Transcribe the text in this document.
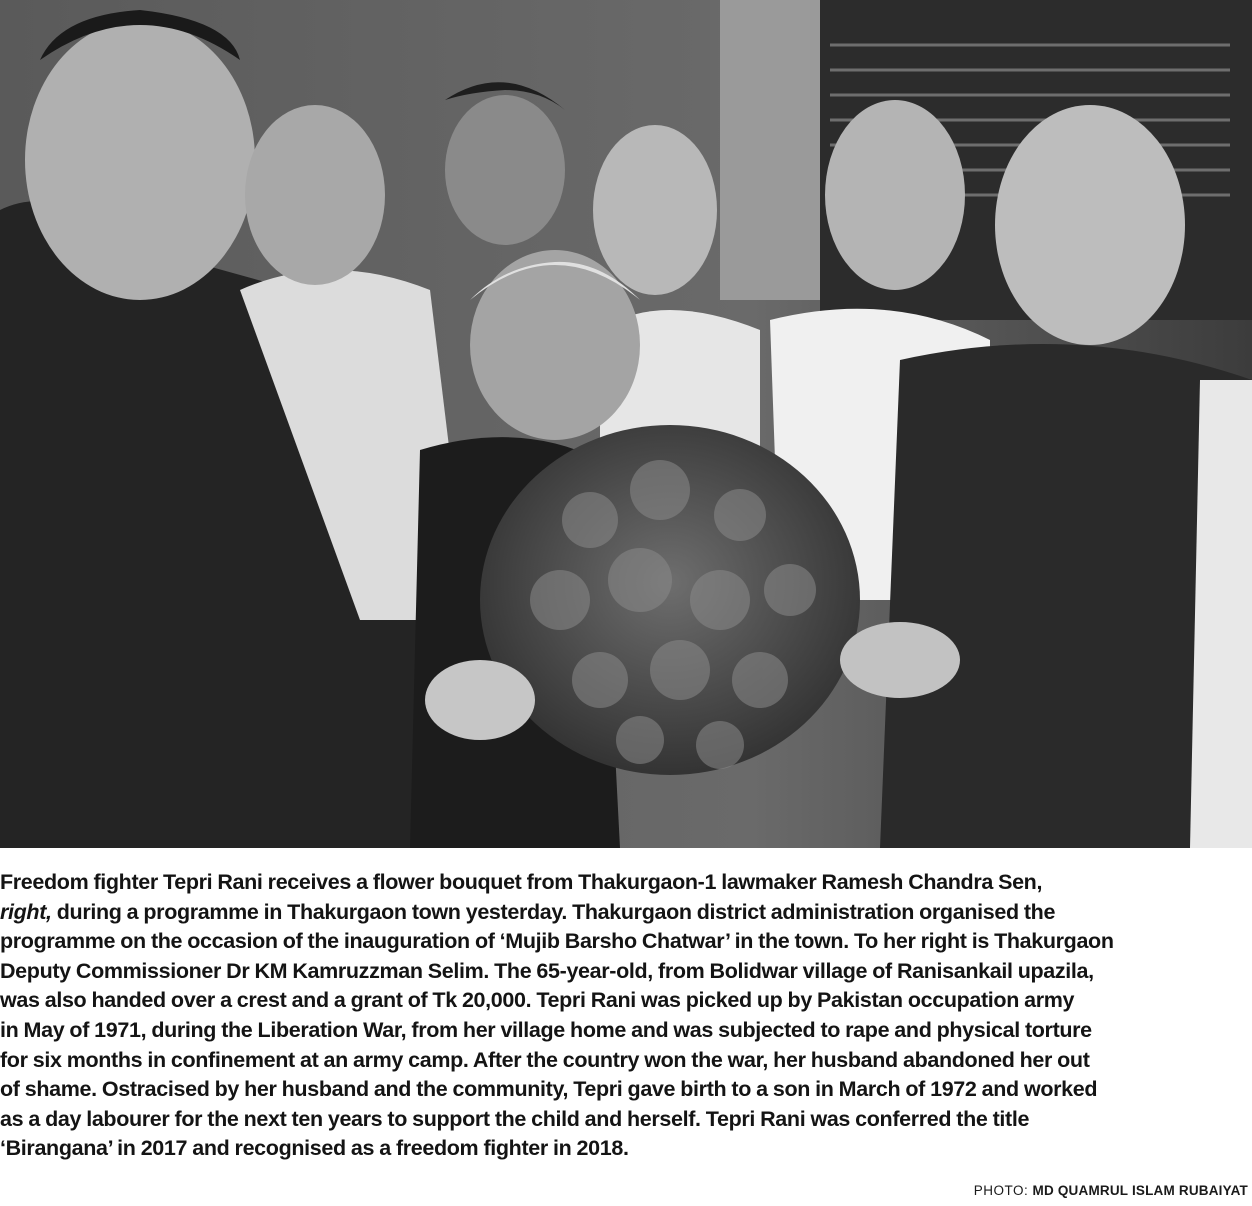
Freedom fighter Tepri Rani receives a flower bouquet from Thakurgaon-1 lawmaker Ramesh Chandra Sen,
right, during a programme in Thakurgaon town yesterday. Thakurgaon district administration organised the
programme on the occasion of the inauguration of ‘Mujib Barsho Chatwar’ in the town. To her right is Thakurgaon
Deputy Commissioner Dr KM Kamruzzman Selim. The 65-year-old, from Bolidwar village of Ranisankail upazila,
was also handed over a crest and a grant of Tk 20,000. Tepri Rani was picked up by Pakistan occupation army
in May of 1971, during the Liberation War, from her village home and was subjected to rape and physical torture
for six months in confinement at an army camp. After the country won the war, her husband abandoned her out
of shame. Ostracised by her husband and the community, Tepri gave birth to a son in March of 1972 and worked
as a day labourer for the next ten years to support the child and herself. Tepri Rani was conferred the title
‘Birangana’ in 2017 and recognised as a freedom fighter in 2018.
PHOTO: MD QUAMRUL ISLAM RUBAIYAT
